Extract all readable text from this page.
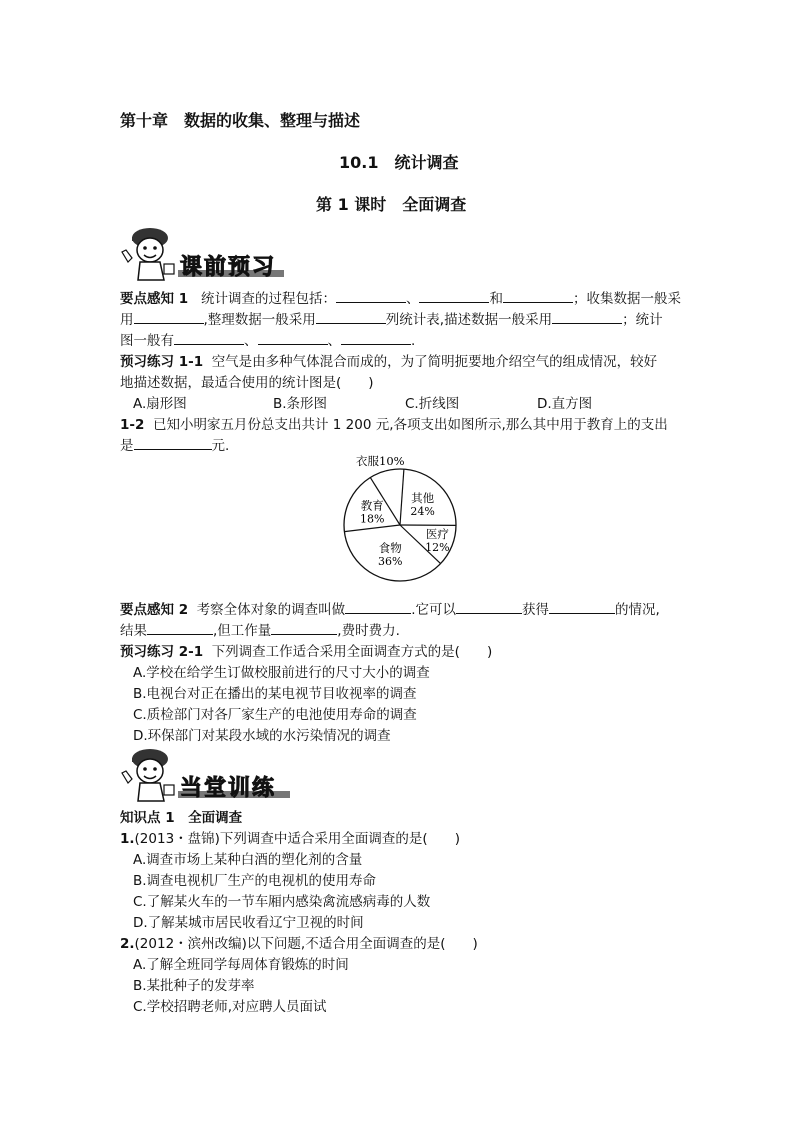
第十章　数据的收集、整理与描述
10.1　统计调查
第 1 课时　全面调查
课前预习
要点感知 1 统计调查的过程包括：	、	和	；收集数据一般采
用	,整理数据一般采用	列统计表,描述数据一般采用	；统计
图一般有	、	、	.
预习练习 1-1 空气是由多种气体混合而成的，为了简明扼要地介绍空气的组成情况，较好
地描述数据，最适合使用的统计图是(　　)
A.扇形图	B.条形图	C.折线图	D.直方图
1-2 已知小明家五月份总支出共计 1 200 元,各项支出如图所示,那么其中用于教育上的支出
是	元.
衣服10%
其他
24%
医疗
12%
食物
36%
教育
18%
要点感知 2 考察全体对象的调查叫做	.它可以	获得	的情况,
结果	,但工作量	,费时费力.
预习练习 2-1 下列调查工作适合采用全面调查方式的是(　　)
A.学校在给学生订做校服前进行的尺寸大小的调查
B.电视台对正在播出的某电视节目收视率的调查
C.质检部门对各厂家生产的电池使用寿命的调查
D.环保部门对某段水域的水污染情况的调查
当堂训练
知识点 1　全面调查
1.(2013・盘锦)下列调查中适合采用全面调查的是(　　)
A.调查市场上某种白酒的塑化剂的含量
B.调查电视机厂生产的电视机的使用寿命
C.了解某火车的一节车厢内感染禽流感病毒的人数
D.了解某城市居民收看辽宁卫视的时间
2.(2012・滨州改编)以下问题,不适合用全面调查的是(　　)
A.了解全班同学每周体育锻炼的时间
B.某批种子的发芽率
C.学校招聘老师,对应聘人员面试
